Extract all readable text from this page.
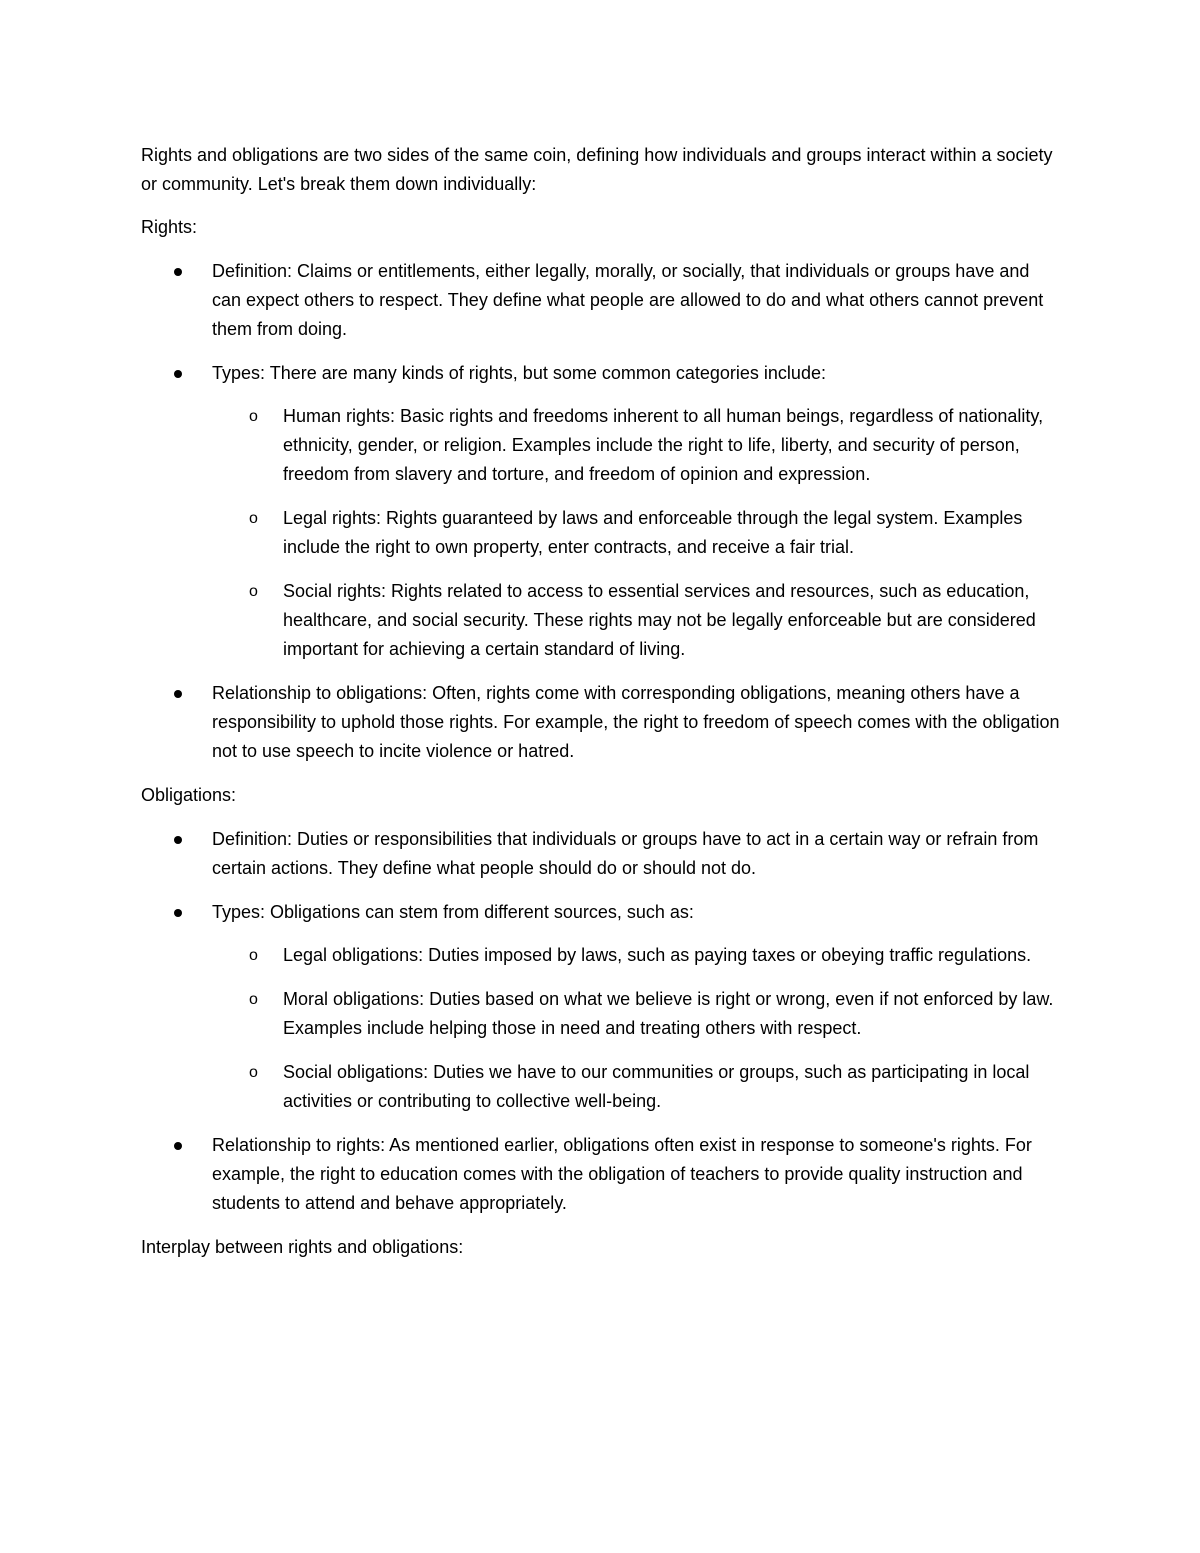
Rights and obligations are two sides of the same coin, defining how individuals and groups interact within a society or community. Let's break them down individually:

Rights:

Definition: Claims or entitlements, either legally, morally, or socially, that individuals or groups have and can expect others to respect. They define what people are allowed to do and what others cannot prevent them from doing.
Types: There are many kinds of rights, but some common categories include:
o Human rights: Basic rights and freedoms inherent to all human beings, regardless of nationality, ethnicity, gender, or religion. Examples include the right to life, liberty, and security of person, freedom from slavery and torture, and freedom of opinion and expression.
o Legal rights: Rights guaranteed by laws and enforceable through the legal system. Examples include the right to own property, enter contracts, and receive a fair trial.
o Social rights: Rights related to access to essential services and resources, such as education, healthcare, and social security. These rights may not be legally enforceable but are considered important for achieving a certain standard of living.
Relationship to obligations: Often, rights come with corresponding obligations, meaning others have a responsibility to uphold those rights. For example, the right to freedom of speech comes with the obligation not to use speech to incite violence or hatred.

Obligations:

Definition: Duties or responsibilities that individuals or groups have to act in a certain way or refrain from certain actions. They define what people should do or should not do.
Types: Obligations can stem from different sources, such as:
o Legal obligations: Duties imposed by laws, such as paying taxes or obeying traffic regulations.
o Moral obligations: Duties based on what we believe is right or wrong, even if not enforced by law. Examples include helping those in need and treating others with respect.
o Social obligations: Duties we have to our communities or groups, such as participating in local activities or contributing to collective well-being.
Relationship to rights: As mentioned earlier, obligations often exist in response to someone's rights. For example, the right to education comes with the obligation of teachers to provide quality instruction and students to attend and behave appropriately.

Interplay between rights and obligations:
